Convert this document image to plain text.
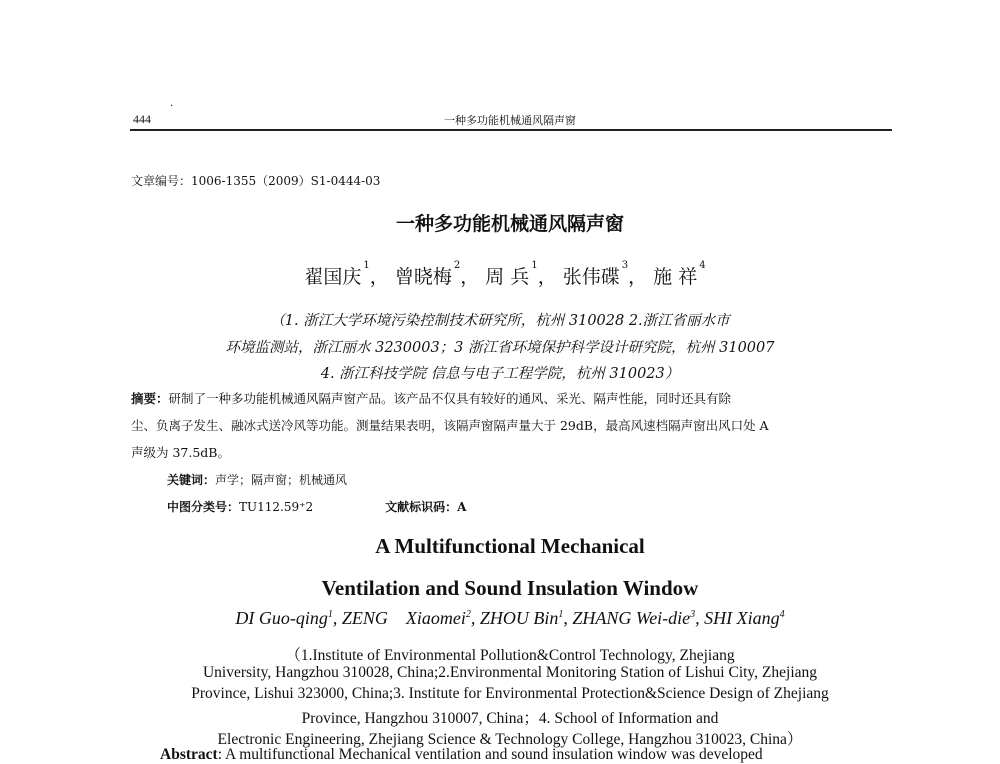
444
·
一种多功能机械通风隔声窗
文章编号：1006-1355（2009）S1-0444-03
一种多功能机械通风隔声窗
翟国庆$^1$， 曾晓梅$^2$， 周 兵$^1$， 张伟碟$^3$， 施 祥$^4$
（1. 浙江大学环境污染控制技术研究所，杭州 310028 2.浙江省丽水市
环境监测站，浙江丽水 3230003；3 浙江省环境保护科学设计研究院，杭州 310007
4. 浙江科技学院 信息与电子工程学院，杭州 310023）
摘要：研制了一种多功能机械通风隔声窗产品。该产品不仅具有较好的通风、采光、隔声性能，同时还具有除
尘、负离子发生、融冰式送冷风等功能。测量结果表明，该隔声窗隔声量大于 29dB，最高风速档隔声窗出风口处 A
声级为 37.5dB。
关键词：声学；隔声窗；机械通风
中图分类号：TU112.59⁺2	文献标识码：A
A Multifunctional Mechanical
Ventilation and Sound Insulation Window
DI Guo-qing$^1$, ZENG    Xiaomei$^2$, ZHOU Bin$^1$, ZHANG Wei-die$^3$, SHI Xiang$^4$
（1.Institute of Environmental Pollution&Control Technology, Zhejiang
University, Hangzhou 310028, China;2.Environmental Monitoring Station of Lishui City, Zhejiang
Province, Lishui 323000, China;3. Institute for Environmental Protection&Science Design of Zhejiang
Province, Hangzhou 310007, China；4. School of Information and
Electronic Engineering, Zhejiang Science & Technology College, Hangzhou 310023, China）
Abstract: A multifunctional Mechanical ventilation and sound insulation window was developed
